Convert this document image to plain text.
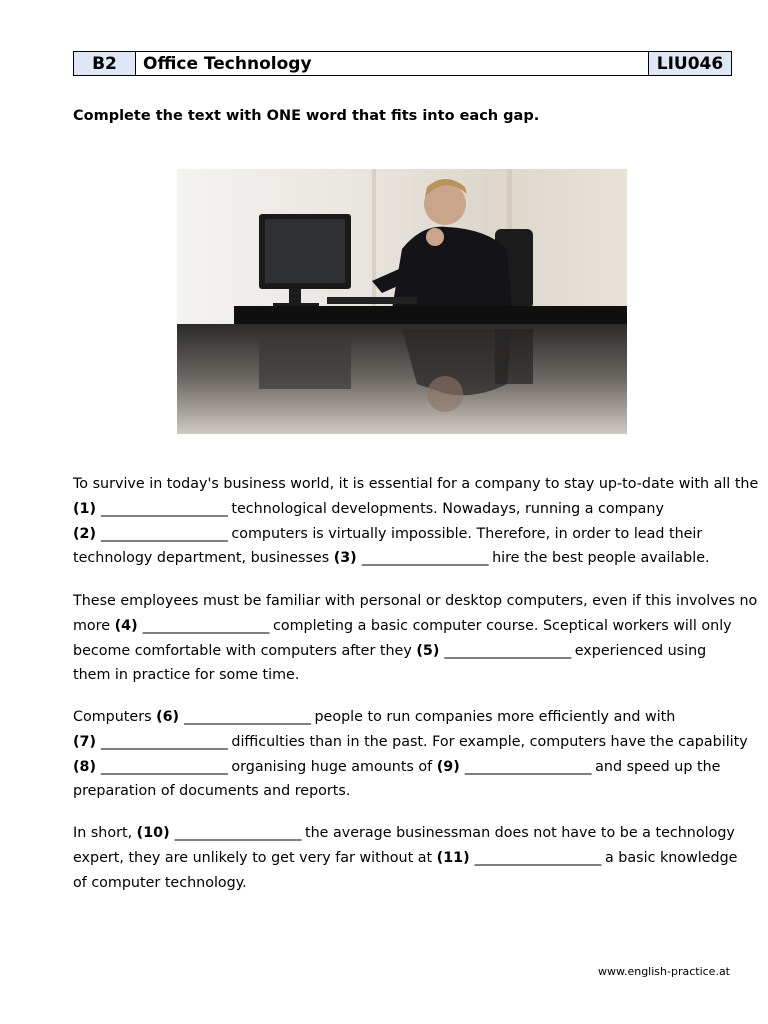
B2	Office Technology	LIU046
Complete the text with ONE word that fits into each gap.
To survive in today's business world, it is essential for a company to stay up-to-date with all the
(1) ___________________ technological developments. Nowadays, running a company
(2) ___________________ computers is virtually impossible. Therefore, in order to lead their
technology department, businesses (3) ___________________ hire the best people available.
These employees must be familiar with personal or desktop computers, even if this involves no
more (4) ___________________ completing a basic computer course. Sceptical workers will only
become comfortable with computers after they (5) ___________________ experienced using
them in practice for some time.
Computers (6) ___________________ people to run companies more efficiently and with
(7) ___________________ difficulties than in the past. For example, computers have the capability
(8) ___________________ organising huge amounts of (9) ___________________ and speed up the
preparation of documents and reports.
In short, (10) ___________________ the average businessman does not have to be a technology
expert, they are unlikely to get very far without at (11) ___________________ a basic knowledge
of computer technology.
www.english-practice.at
